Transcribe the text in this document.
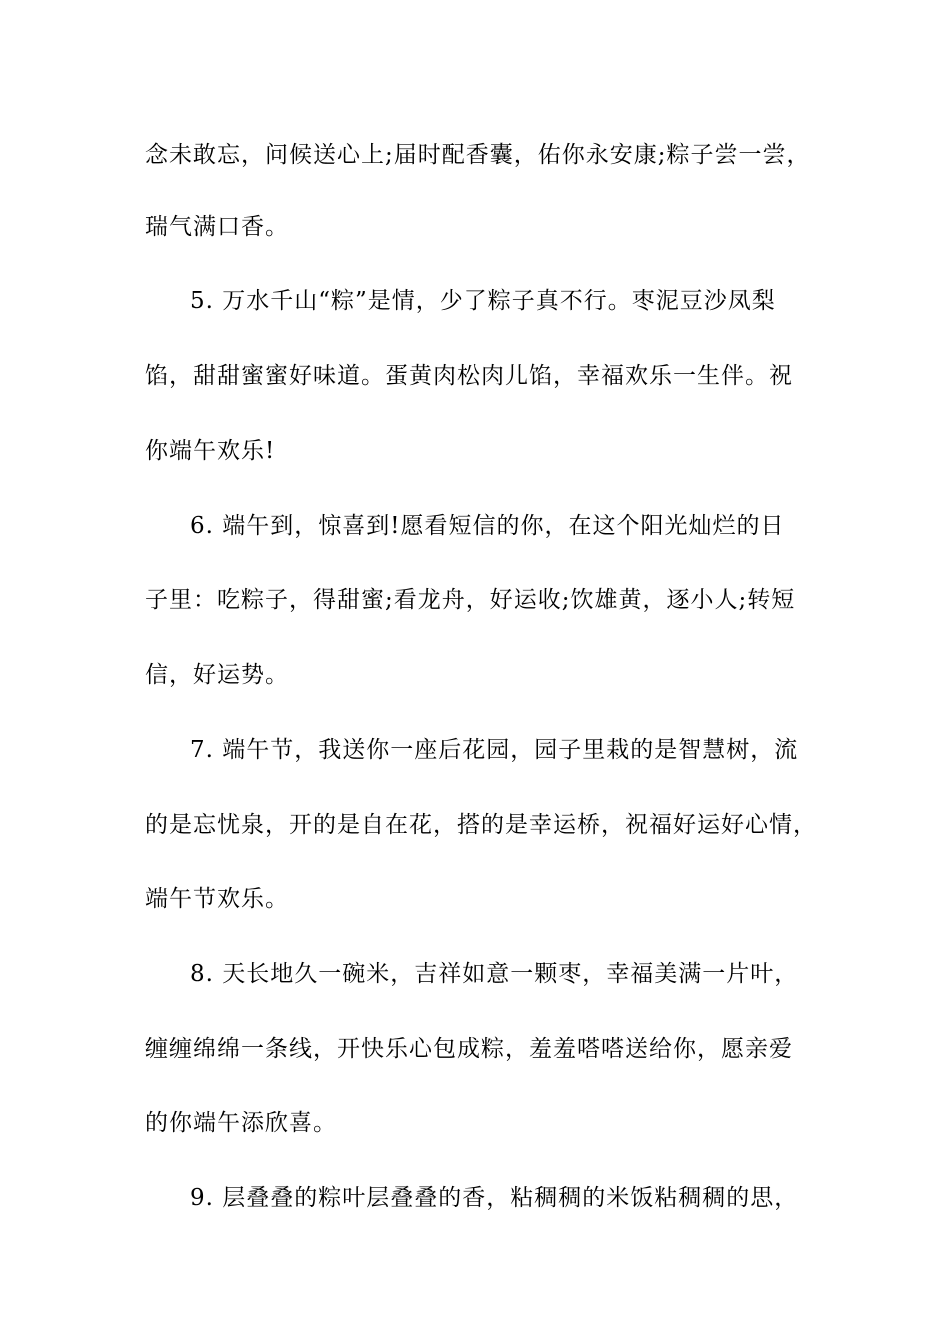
念未敢忘，问候送心上;届时配香囊，佑你永安康;粽子尝一尝，
瑞气满口香。
5. 万水千山“粽”是情，少了粽子真不行。枣泥豆沙凤梨
馅，甜甜蜜蜜好味道。蛋黄肉松肉儿馅，幸福欢乐一生伴。祝
你端午欢乐!
6. 端午到，惊喜到!愿看短信的你，在这个阳光灿烂的日
子里：吃粽子，得甜蜜;看龙舟，好运收;饮雄黄，逐小人;转短
信，好运势。
7. 端午节，我送你一座后花园，园子里栽的是智慧树，流
的是忘忧泉，开的是自在花，搭的是幸运桥，祝福好运好心情，
端午节欢乐。
8. 天长地久一碗米，吉祥如意一颗枣，幸福美满一片叶，
缠缠绵绵一条线，开快乐心包成粽，羞羞嗒嗒送给你，愿亲爱
的你端午添欣喜。
9. 层叠叠的粽叶层叠叠的香，粘稠稠的米饭粘稠稠的思，
